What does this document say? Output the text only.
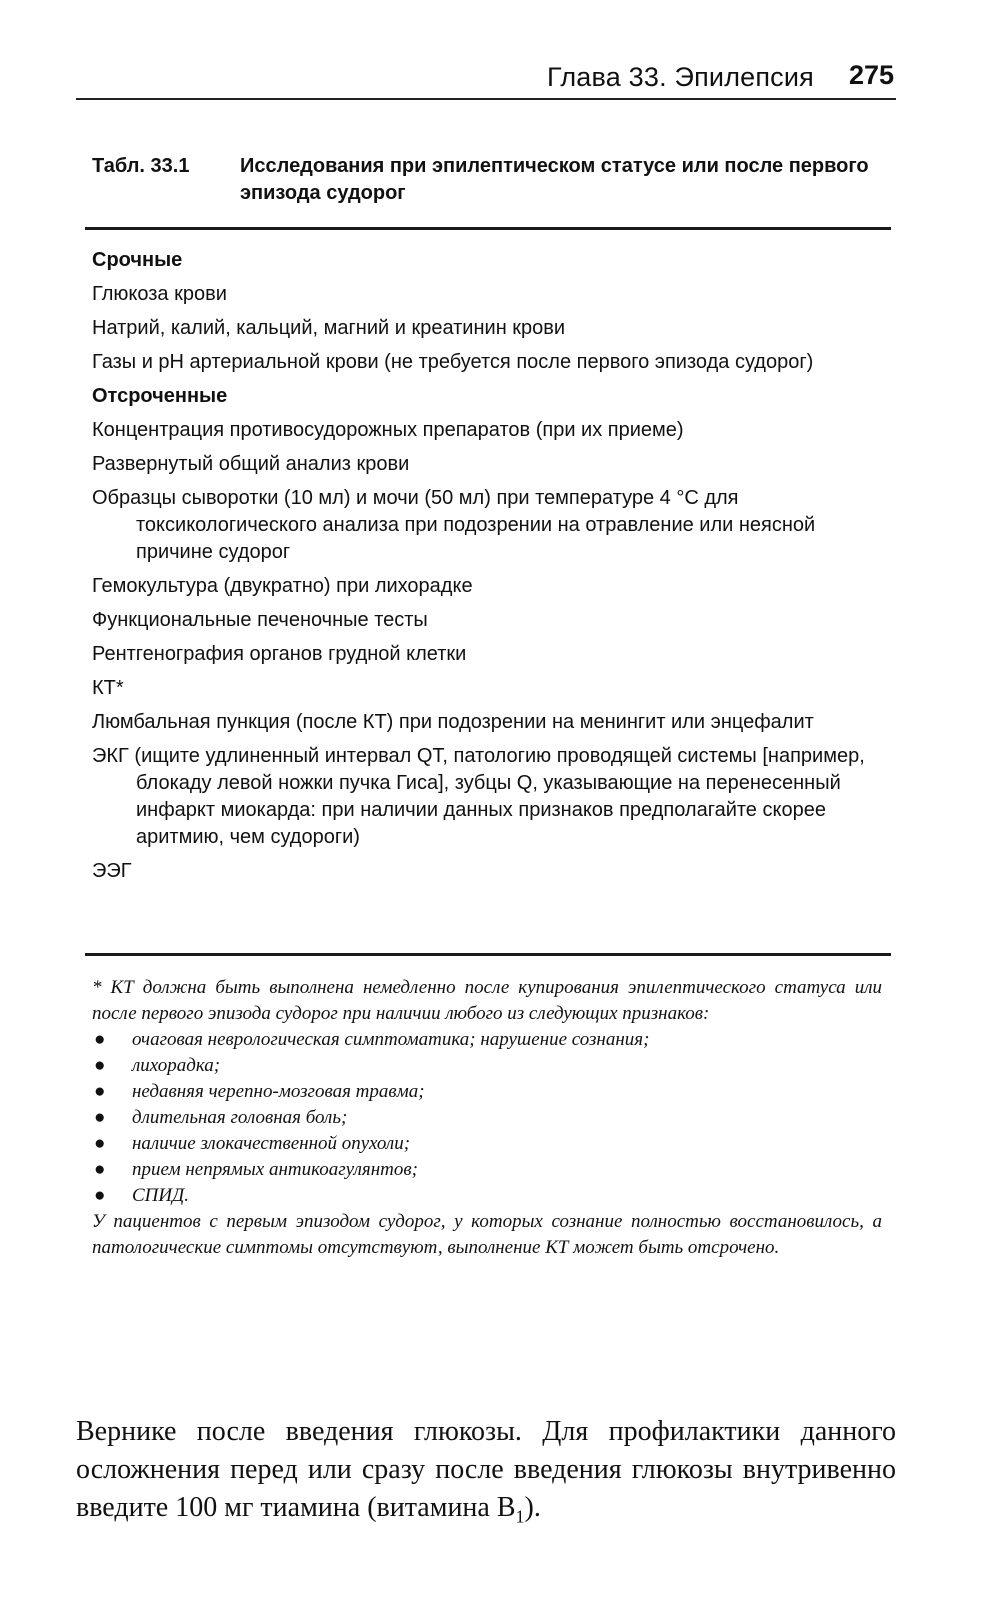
Глава 33. Эпилепсия 275
Табл. 33.1	Исследования при эпилептическом статусе или после первого эпизода судорог
Срочные
Глюкоза крови
Натрий, калий, кальций, магний и креатинин крови
Газы и pH артериальной крови (не требуется после первого эпизода судорог)
Отсроченные
Концентрация противосудорожных препаратов (при их приеме)
Развернутый общий анализ крови
Образцы сыворотки (10 мл) и мочи (50 мл) при температуре 4 °C для токсикологического анализа при подозрении на отравление или неясной причине судорог
Гемокультура (двукратно) при лихорадке
Функциональные печеночные тесты
Рентгенография органов грудной клетки
КТ*
Люмбальная пункция (после КТ) при подозрении на менингит или энцефалит
ЭКГ (ищите удлиненный интервал QT, патологию проводящей системы [например, блокаду левой ножки пучка Гиса], зубцы Q, указывающие на перенесенный инфаркт миокарда: при наличии данных признаков предполагайте скорее аритмию, чем судороги)
ЭЭГ

* КТ должна быть выполнена немедленно после купирования эпилептического статуса или после первого эпизода судорог при наличии любого из следующих признаков:

● очаговая неврологическая симптоматика; нарушение сознания;
● лихорадка;
● недавняя черепно-мозговая травма;
● длительная головная боль;
● наличие злокачественной опухоли;
● прием непрямых антикоагулянтов;
● СПИД.

У пациентов с первым эпизодом судорог, у которых сознание полностью восстановилось, а патологические симптомы отсутствуют, выполнение КТ может быть отсрочено.

Вернике после введения глюкозы. Для профилактики данного осложнения перед или сразу после введения глюкозы внутривенно введите 100 мг тиамина (витамина $B_1$).
